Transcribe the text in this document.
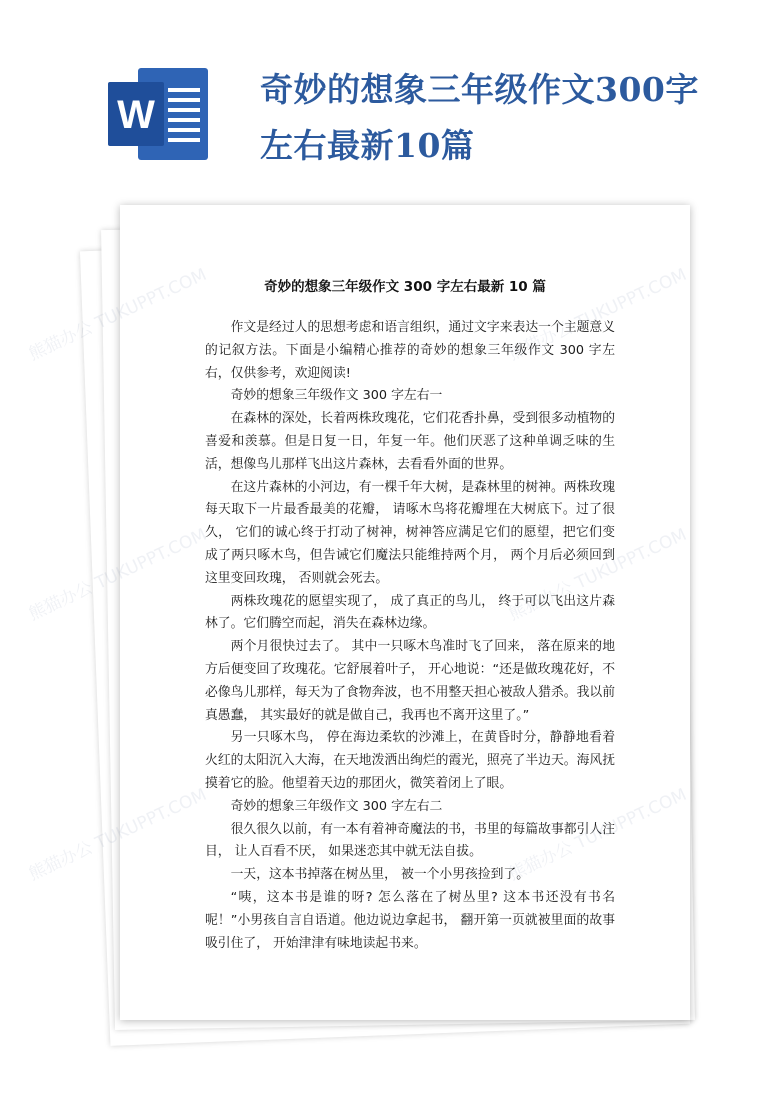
W
奇妙的想象三年级作文300字左右最新10篇
奇妙的想象三年级作文 300 字左右最新 10 篇

作文是经过人的思想考虑和语言组织，通过文字来表达一个主题意义的记叙方法。下面是小编精心推荐的奇妙的想象三年级作文 300 字左右，仅供参考，欢迎阅读!

奇妙的想象三年级作文 300 字左右一

在森林的深处，长着两株玫瑰花，它们花香扑鼻，受到很多动植物的喜爱和羡慕。但是日复一日，年复一年。他们厌恶了这种单调乏味的生活，想像鸟儿那样飞出这片森林，去看看外面的世界。

在这片森林的小河边，有一棵千年大树，是森林里的树神。两株玫瑰每天取下一片最香最美的花瓣， 请啄木鸟将花瓣埋在大树底下。过了很久， 它们的诚心终于打动了树神，树神答应满足它们的愿望，把它们变成了两只啄木鸟，但告诫它们魔法只能维持两个月， 两个月后必须回到这里变回玫瑰， 否则就会死去。

两株玫瑰花的愿望实现了， 成了真正的鸟儿， 终于可以飞出这片森林了。它们腾空而起，消失在森林边缘。

两个月很快过去了。 其中一只啄木鸟准时飞了回来， 落在原来的地方后便变回了玫瑰花。它舒展着叶子， 开心地说：“还是做玫瑰花好，不必像鸟儿那样，每天为了食物奔波，也不用整天担心被敌人猎杀。我以前真愚蠢， 其实最好的就是做自己，我再也不离开这里了。”

另一只啄木鸟， 停在海边柔软的沙滩上，在黄昏时分，静静地看着火红的太阳沉入大海，在天地泼洒出绚烂的霞光，照亮了半边天。海风抚摸着它的脸。他望着天边的那团火，微笑着闭上了眼。

奇妙的想象三年级作文 300 字左右二

很久很久以前，有一本有着神奇魔法的书，书里的每篇故事都引人注目， 让人百看不厌， 如果迷恋其中就无法自拔。

一天，这本书掉落在树丛里， 被一个小男孩捡到了。

“咦，这本书是谁的呀? 怎么落在了树丛里? 这本书还没有书名呢！”小男孩自言自语道。他边说边拿起书， 翻开第一页就被里面的故事吸引住了， 开始津津有味地读起书来。

熊猫办公
熊猫办公
熊猫办公
